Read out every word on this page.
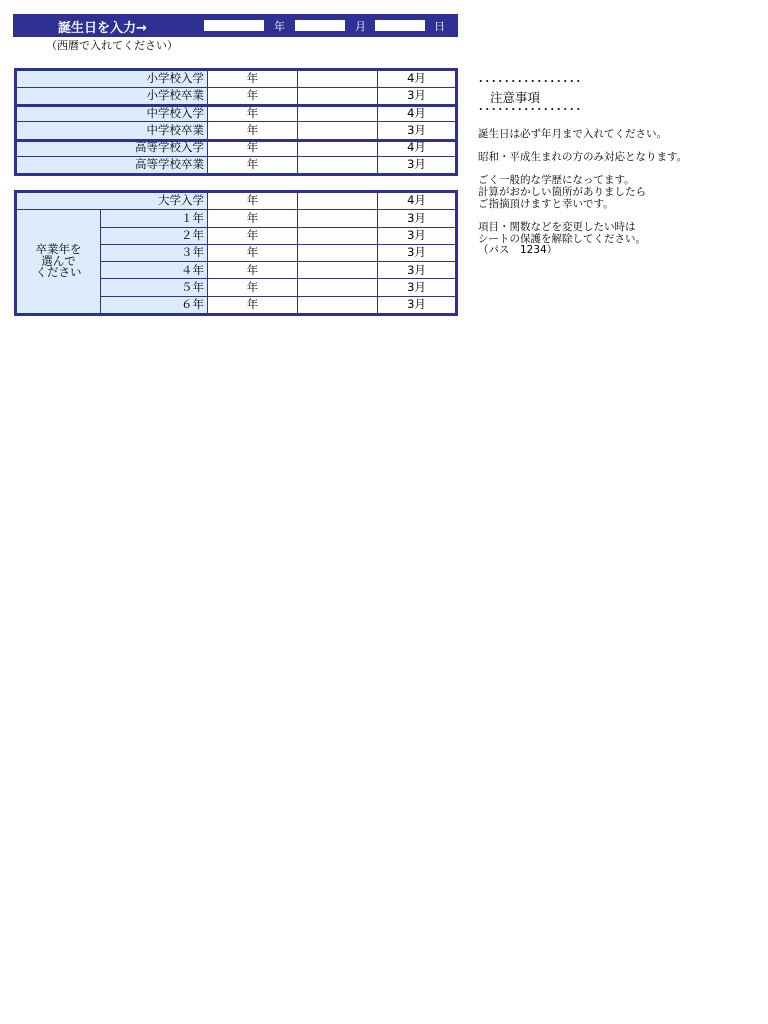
誕生日を入力→	年	月	日
（西暦で入れてください）
小学校入学	年	4月
小学校卒業	年	3月
中学校入学	年	4月
中学校卒業	年	3月
高等学校入学	年	4月
高等学校卒業	年	3月
大学入学	年	4月
卒業年を
選んで
ください
１年	年	3月
２年	年	3月
３年	年	3月
４年	年	3月
５年	年	3月
６年	年	3月
････････････････
注意事項
････････････････
誕生日は必ず年月まで入れてください。
昭和・平成生まれの方のみ対応となります。
ごく一般的な学歴になってます。
計算がおかしい箇所がありましたら
ご指摘頂けますと幸いです。
項目・関数などを変更したい時は
シートの保護を解除してください。
（パス　1234）
